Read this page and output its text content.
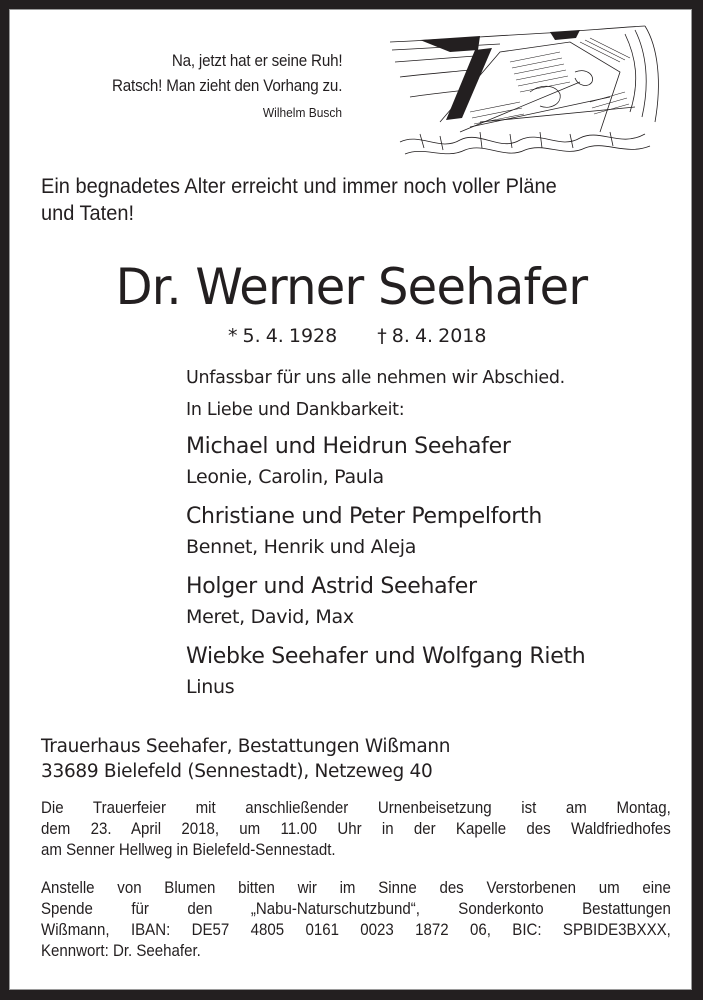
Na, jetzt hat er seine Ruh!
Ratsch! Man zieht den Vorhang zu.
Wilhelm Busch
Ein begnadetes Alter erreicht und immer noch voller Pläne
und Taten!
Dr. Werner Seehafer
* 5. 4. 1928 † 8. 4. 2018
Unfassbar für uns alle nehmen wir Abschied.
In Liebe und Dankbarkeit:
Michael und Heidrun Seehafer
Leonie, Carolin, Paula
Christiane und Peter Pempelforth
Bennet, Henrik und Aleja
Holger und Astrid Seehafer
Meret, David, Max
Wiebke Seehafer und Wolfgang Rieth
Linus
Trauerhaus Seehafer, Bestattungen Wißmann
33689 Bielefeld (Sennestadt), Netzeweg 40
Die Trauerfeier mit anschließender Urnenbeisetzung ist am Montag,
dem 23. April 2018, um 11.00 Uhr in der Kapelle des Waldfriedhofes
am Senner Hellweg in Bielefeld-Sennestadt.
Anstelle von Blumen bitten wir im Sinne des Verstorbenen um eine
Spende für den „Nabu-Naturschutzbund“, Sonderkonto Bestattungen
Wißmann, IBAN: DE57 4805 0161 0023 1872 06, BIC: SPBIDE3BXXX,
Kennwort: Dr. Seehafer.
